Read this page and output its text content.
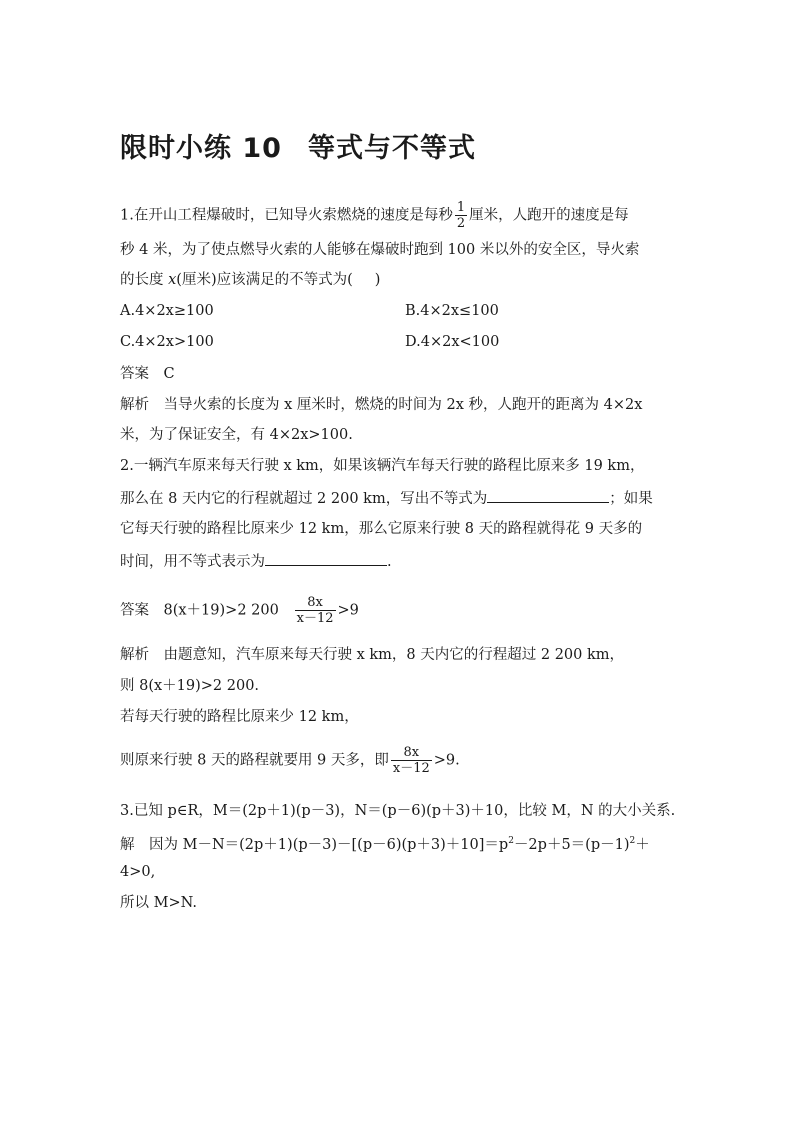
限时小练 10 等式与不等式
1.在开山工程爆破时，已知导火索燃烧的速度是每秒 $\frac{1}{2}$ 厘米，人跑开的速度是每
秒 4 米，为了使点燃导火索的人能够在爆破时跑到 100 米以外的安全区，导火索
的长度 x(厘米)应该满足的不等式为( )
A.4×2x≥100	B.4×2x≤100
C.4×2x>100	D.4×2x<100
答案　C
解析　当导火索的长度为 x 厘米时，燃烧的时间为 2x 秒，人跑开的距离为 4×2x
米，为了保证安全，有 4×2x>100.
2.一辆汽车原来每天行驶 x km，如果该辆汽车每天行驶的路程比原来多 19 km，
那么在 8 天内它的行程就超过 2 200 km，写出不等式为	；如果
它每天行驶的路程比原来少 12 km，那么它原来行驶 8 天的路程就得花 9 天多的
时间，用不等式表示为	.
答案　8(x＋19)>2 $200 \frac{8x}{x-12} >9$
解析　由题意知，汽车原来每天行驶 x km，8 天内它的行程超过 2 200 km，
则 8(x＋19)>2 200.
若每天行驶的路程比原来少 12 km，
则原来行驶 8 天的路程就要用 9 天多，即 $\frac{8x}{x-12} >9$.
3.已知 p∈R，M＝(2p＋1)(p－3)，N＝(p－6)(p＋3)＋10，比较 M，N 的大小关系.
解　因为 $M-N=(2p+1)(p-3)-[(p-6)(p+3)+10]=p^2-2p+5=(p-1)^2+$
4>0,
所以 M>N.
